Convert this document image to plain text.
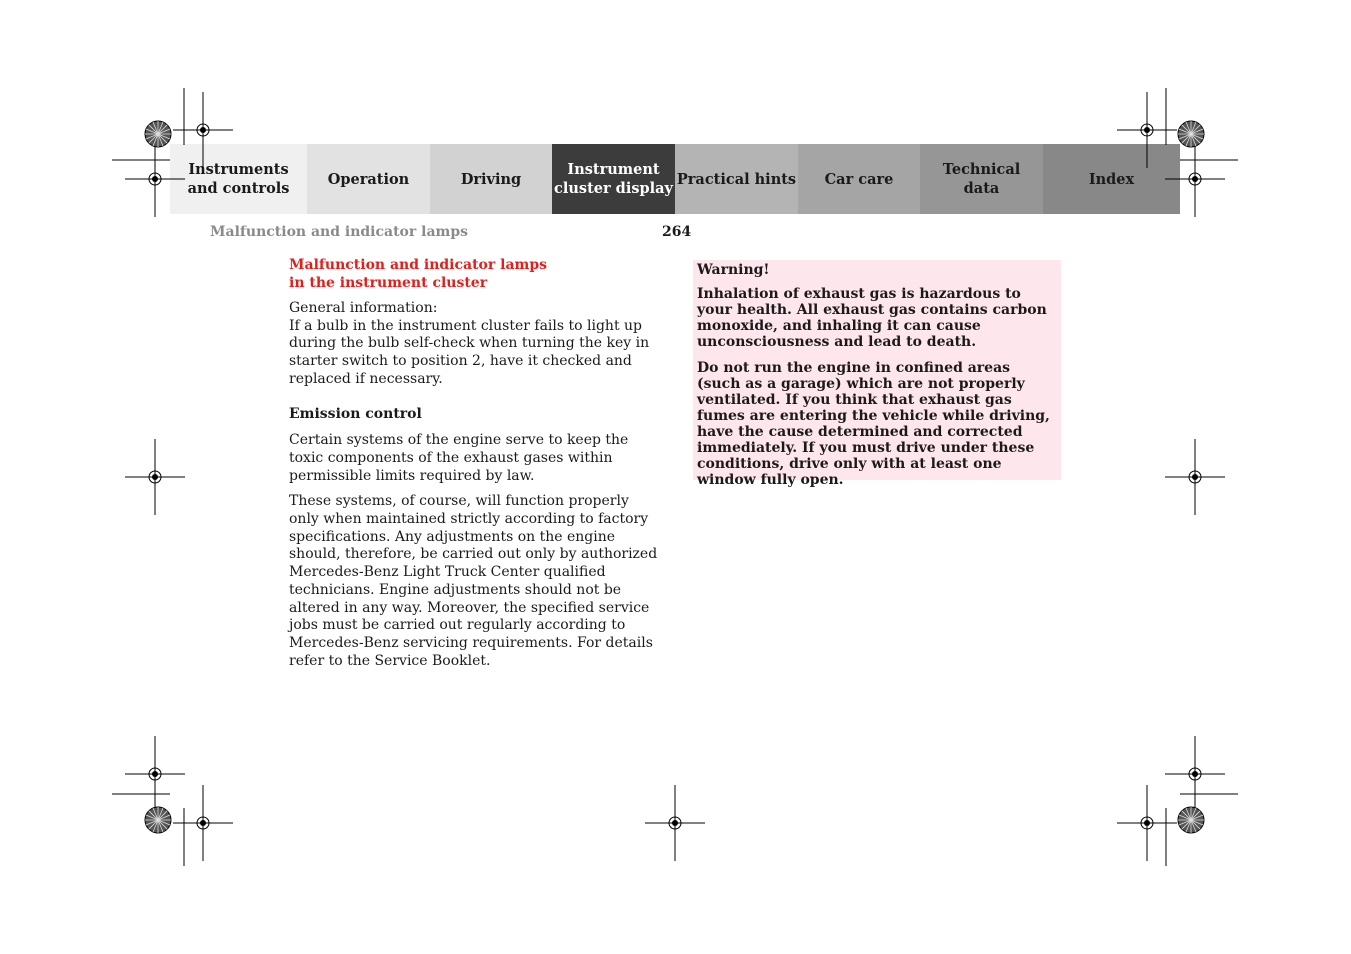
Instruments
and controls
Operation	Driving
Instrument
cluster display
Practical hints Car care
Technical
data
Index
Malfunction and indicator lamps	264

Malfunction and indicator lamps
in the instrument cluster

General information:
If a bulb in the instrument cluster fails to light up during the bulb self-check when turning the key in starter switch to position 2, have it checked and replaced if necessary.

Emission control

Certain systems of the engine serve to keep the toxic components of the exhaust gases within permissible limits required by law.

These systems, of course, will function properly only when maintained strictly according to factory specifications. Any adjustments on the engine should, therefore, be carried out only by authorized Mercedes-Benz Light Truck Center qualified technicians. Engine adjustments should not be altered in any way. Moreover, the specified service jobs must be carried out regularly according to Mercedes-Benz servicing requirements. For details refer to the Service Booklet.

Warning!

Inhalation of exhaust gas is hazardous to your health. All exhaust gas contains carbon monoxide, and inhaling it can cause unconsciousness and lead to death.

Do not run the engine in confined areas (such as a garage) which are not properly ventilated. If you think that exhaust gas fumes are entering the vehicle while driving, have the cause determined and corrected immediately. If you must drive under these conditions, drive only with at least one window fully open.
